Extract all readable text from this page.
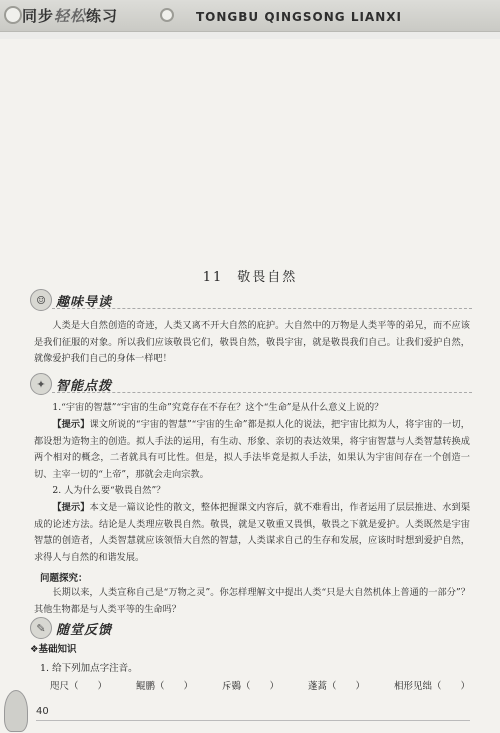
同步轻松练习	TONGBU QINGSONG LIANXI
11 敬畏自然
☺ 趣味导读

人类是大自然创造的奇迹，人类又离不开大自然的庇护。大自然中的万物是人类平等的弟兄，而不应该是我们征服的对象。所以我们应该敬畏它们，敬畏自然，敬畏宇宙，就是敬畏我们自己。让我们爱护自然，就像爱护我们自己的身体一样吧！

✦ 智能点拨

1.“宇宙的智慧”“宇宙的生命”究竟存在不存在？这个“生命”是从什么意义上说的？

【提示】课文所说的“宇宙的智慧”“宇宙的生命”都是拟人化的说法，把宇宙比拟为人，将宇宙的一切，都设想为造物主的创造。拟人手法的运用，有生动、形象、亲切的表达效果，将宇宙智慧与人类智慧转换成两个相对的概念，二者就具有可比性。但是，拟人手法毕竟是拟人手法，如果认为宇宙间存在一个创造一切、主宰一切的“上帝”，那就会走向宗教。

2. 人为什么要“敬畏自然”？

【提示】本文是一篇议论性的散文，整体把握课文内容后，就不难看出，作者运用了层层推进、水到渠成的论述方法。结论是人类理应敬畏自然。敬畏，就是又敬重又畏惧，敬畏之下就是爱护。人类既然是宇宙智慧的创造者，人类智慧就应该领悟大自然的智慧，人类谋求自己的生存和发展，应该时时想到爱护自然，求得人与自然的和谐发展。

问题探究：

长期以来，人类宣称自己是“万物之灵”。你怎样理解文中提出人类“只是大自然机体上普通的一部分”？其他生物都是与人类平等的生命吗？

✎ 随堂反馈
❖基础知识
1. 给下列加点字注音。
咫尺（　　）	鲲鹏（　　）	斥鷃（　　）	蓬蒿（　　）	相形见绌（　　）
40
